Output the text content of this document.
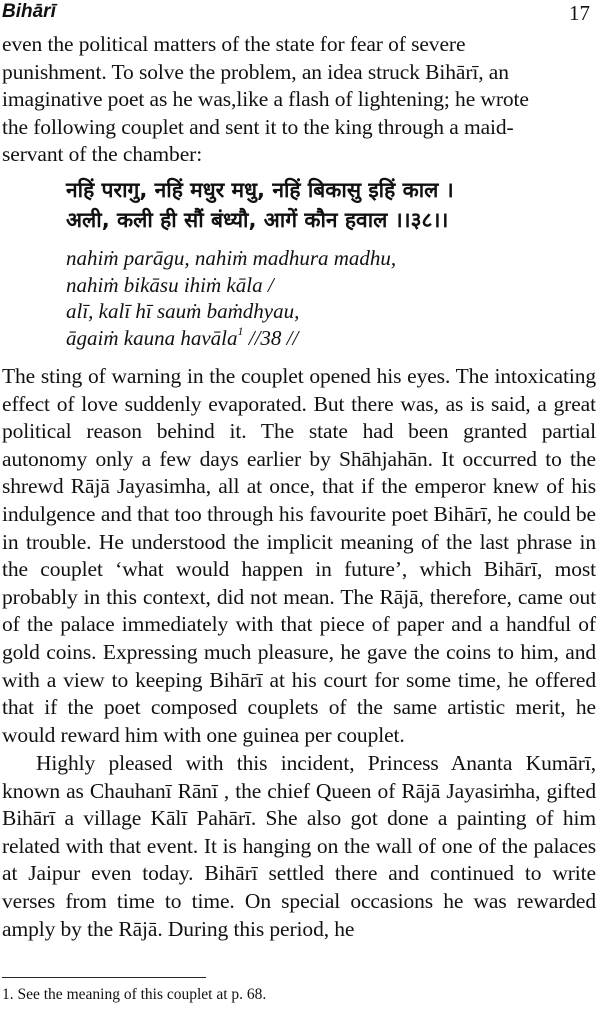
Bihārī	17
even the political matters of the state for fear of severe
punishment. To solve the problem, an idea struck Bihārī, an
imaginative poet as he was,like a flash of lightening; he wrote
the following couplet and sent it to the king through a maid-
servant of the chamber:
नहिं परागु, नहिं मधुर मधु, नहिं बिकासु इहिं काल ।
अली, कली ही सौं बंध्यौ, आगें कौन हवाल ।।३८।।
nahiṁ parāgu, nahiṁ madhura madhu,
nahiṁ bikāsu ihiṁ kāla /
alī, kalī hī sauṁ baṁdhyau,
āgaiṁ kauna havāla$^1$ //38 //

The sting of warning in the couplet opened his eyes. The intoxicating effect of love suddenly evaporated. But there was, as is said, a great political reason behind it. The state had been granted partial autonomy only a few days earlier by Shāhjahān. It occurred to the shrewd Rājā Jayasimha, all at once, that if the emperor knew of his indulgence and that too through his favourite poet Bihārī, he could be in trouble. He understood the implicit meaning of the last phrase in the couplet ‘what would happen in future’, which Bihārī, most probably in this context, did not mean. The Rājā, therefore, came out of the palace immediately with that piece of paper and a handful of gold coins. Expressing much pleasure, he gave the coins to him, and with a view to keeping Bihārī at his court for some time, he offered that if the poet composed couplets of the same artistic merit, he would reward him with one guinea per couplet.

Highly pleased with this incident, Princess Ananta Kumārī, known as Chauhanī Rānī , the chief Queen of Rājā Jayasiṁha, gifted Bihārī a village Kālī Pahārī. She also got done a painting of him related with that event. It is hanging on the wall of one of the palaces at Jaipur even today. Bihārī settled there and continued to write verses from time to time. On special occasions he was rewarded amply by the Rājā. During this period, he

1. See the meaning of this couplet at p. 68.
